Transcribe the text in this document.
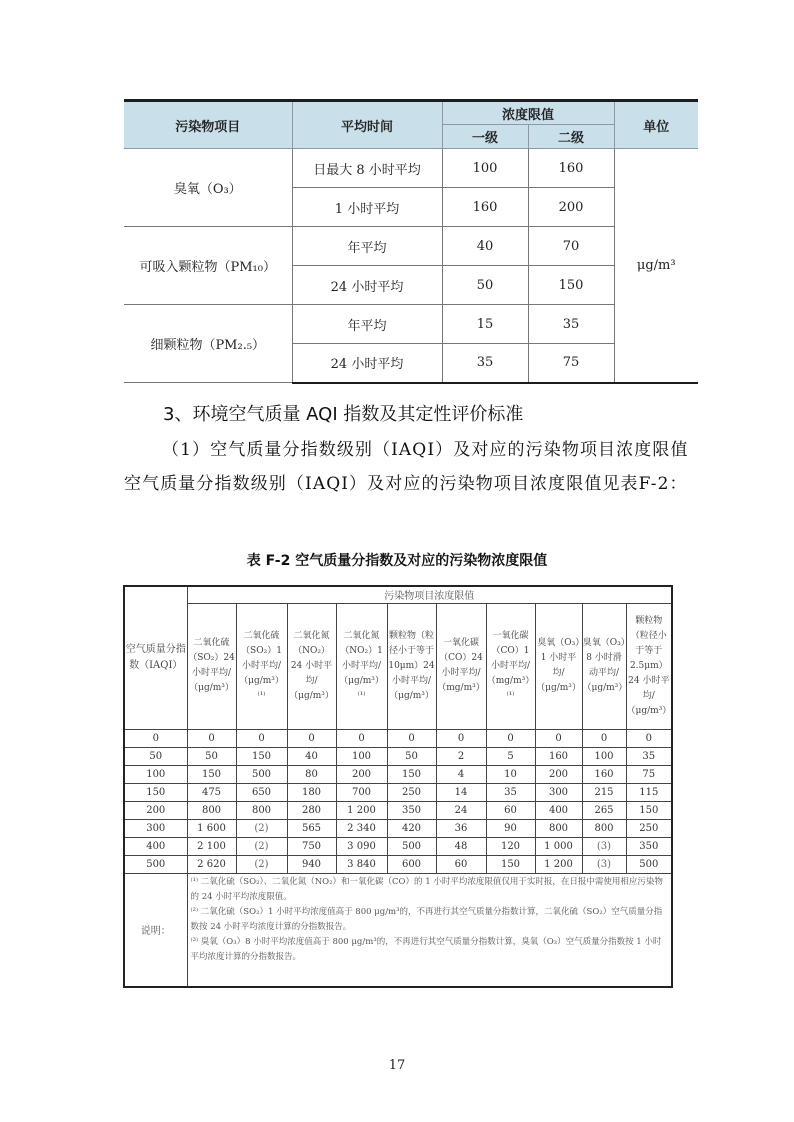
污染物项目	平均时间	浓度限值		单位
		一级	二级	
臭氧（O₃）	日最大 8 小时平均	100	160	μg/m³
	1 小时平均	160	200	
可吸入颗粒物（PM₁₀）	年平均	40	70	
	24 小时平均	50	150	
细颗粒物（PM₂.₅）	年平均	15	35	
	24 小时平均	35	75	
3、环境空气质量 AQI 指数及其定性评价标准

（1）空气质量分指数级别（IAQI）及对应的污染物项目浓度限值空气质量分指数级别（IAQI）及对应的污染物项目浓度限值见表F-2：

表 F-2 空气质量分指数及对应的污染物浓度限值
空气质量分指数（IAQI）	污染物项目浓度限值									
	二氧化硫（SO₂）24 小时平均/（μg/m³）	二氧化硫（SO₂）1 小时平均/（μg/m³）⁽¹⁾	二氧化氮（NO₂）24 小时平均/（μg/m³）	二氧化氮（NO₂）1 小时平均/（μg/m³）⁽¹⁾	颗粒物（粒径小于等于10μm）24 小时平均/（μg/m³）	一氧化碳（CO）24 小时平均/（mg/m³）	一氧化碳（CO）1 小时平均/（mg/m³）⁽¹⁾	臭氧（O₃）1 小时平均/（μg/m³）	臭氧（O₃）8 小时滑动平均/（μg/m³）	颗粒物（粒径小于等于2.5μm）24 小时平均/（μg/m³）
0	0	0	0	0	0	0	0	0	0	0
50	50	150	40	100	50	2	5	160	100	35
100	150	500	80	200	150	4	10	200	160	75
150	475	650	180	700	250	14	35	300	215	115
200	800	800	280	1 200	350	24	60	400	265	150
300	1 600	(2)	565	2 340	420	36	90	800	800	250
400	2 100	(2)	750	3 090	500	48	120	1 000	(3)	350
500	2 620	(2)	940	3 840	600	60	150	1 200	(3)	500
说明：	⁽¹⁾ 二氧化硫（SO₂）、二氧化氮（NO₂）和一氧化碳（CO）的 1 小时平均浓度限值仅用于实时报，在日报中需使用相应污染物的 24 小时平均浓度限值。
⁽²⁾ 二氧化硫（SO₂）1 小时平均浓度值高于 800 μg/m³的，不再进行其空气质量分指数计算，二氧化硫（SO₂）空气质量分指数按 24 小时平均浓度计算的分指数报告。
⁽³⁾ 臭氧（O₃）8 小时平均浓度值高于 800 μg/m³的，不再进行其空气质量分指数计算，臭氧（O₃）空气质量分指数按 1 小时平均浓度计算的分指数报告。									
17
